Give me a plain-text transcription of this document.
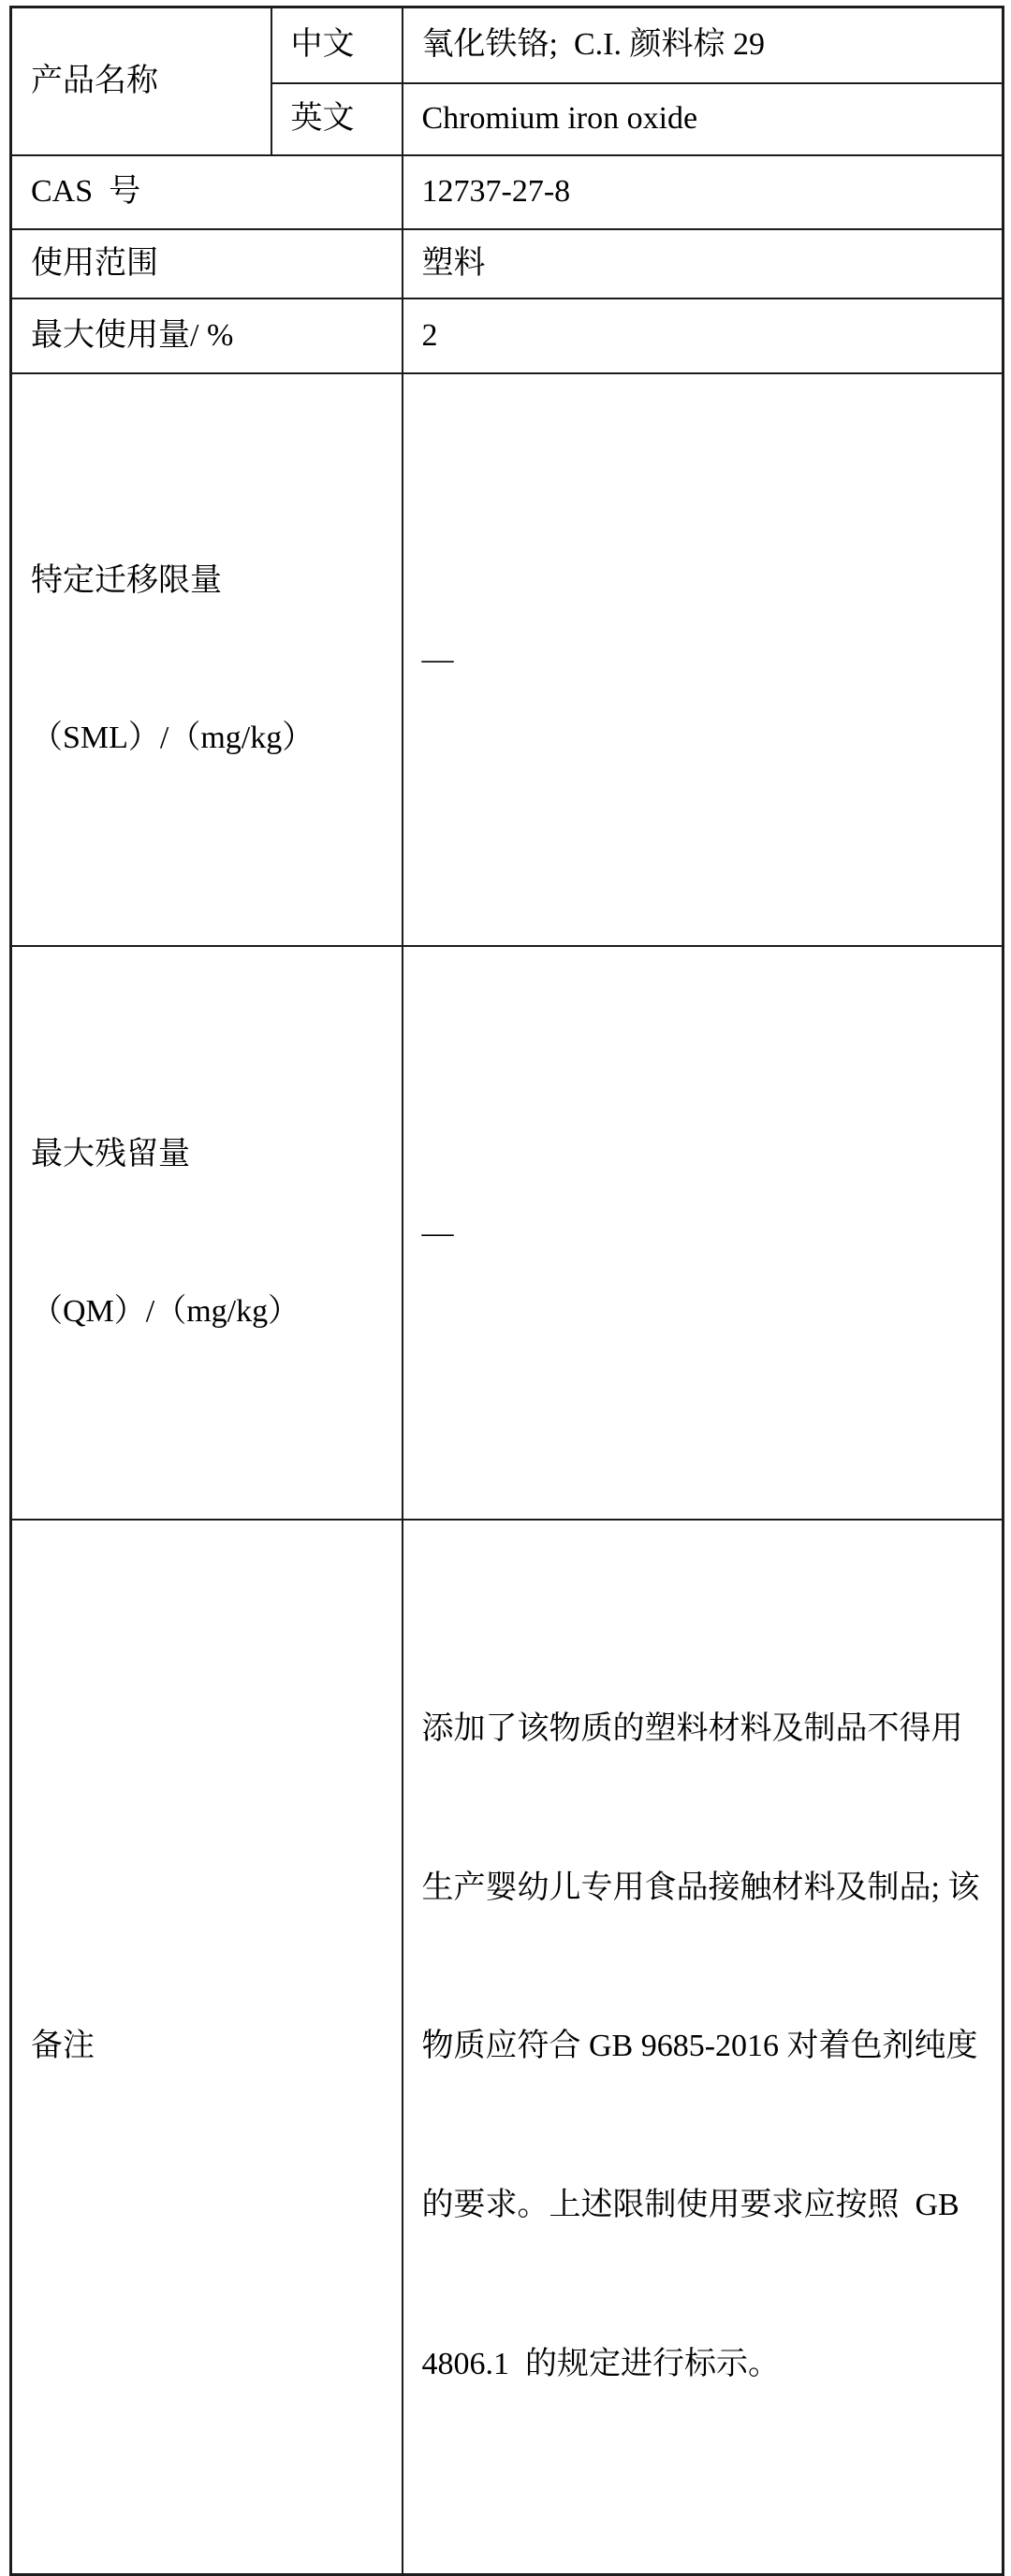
产品名称	中文	氧化铁铬;  C.I. 颜料棕 29
	英文	Chromium iron oxide
CAS  号		12737-27-8
使用范围		塑料
最大使用量/ %		2

特定迁移限量

（SML）/（mg/kg）		—

最大残留量

（QM）/（mg/kg）		—
备注		添加了该物质的塑料材料及制品不得用

生产婴幼儿专用食品接触材料及制品; 该

物质应符合 GB 9685-2016 对着色剂纯度

的要求。上述限制使用要求应按照  GB

4806.1  的规定进行标示。
